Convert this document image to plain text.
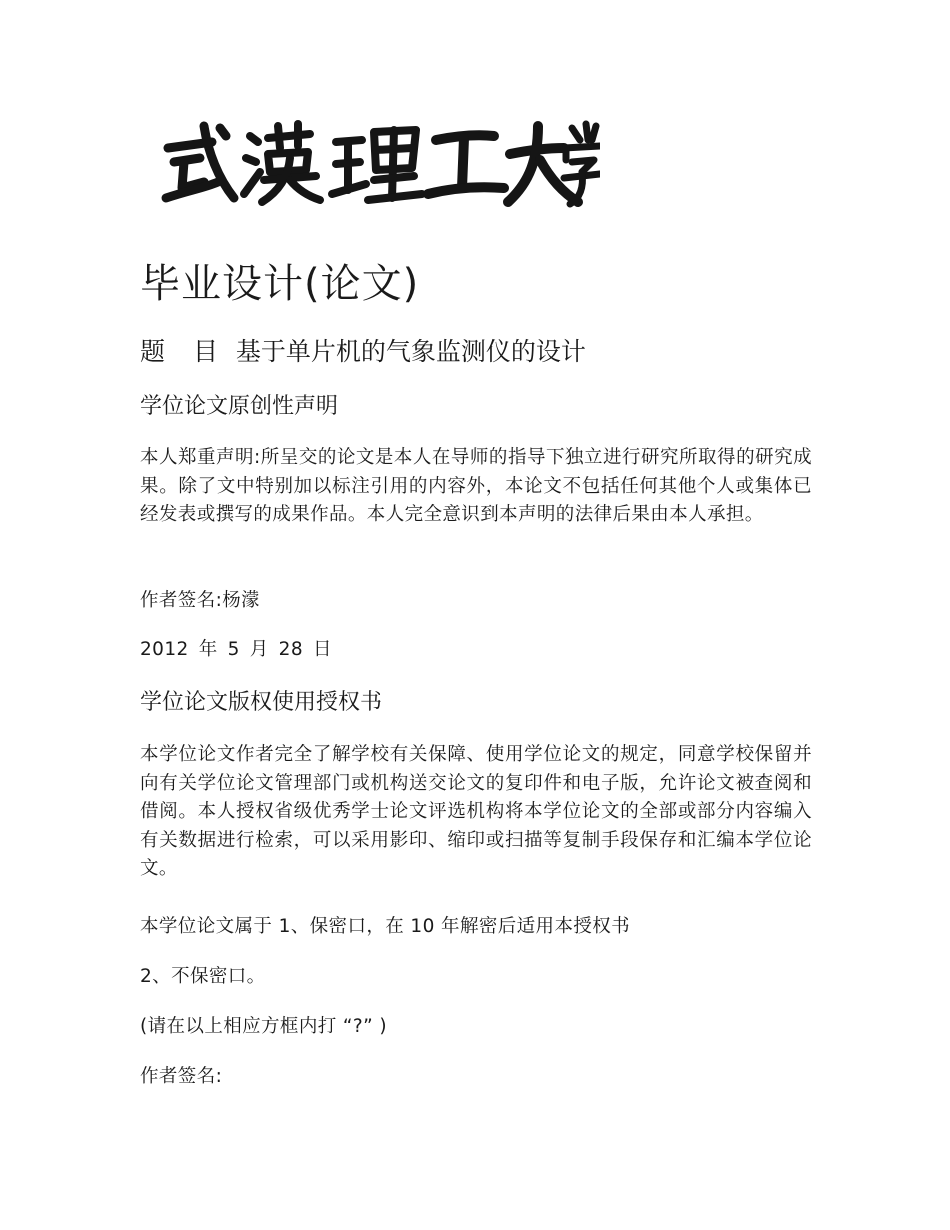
毕业设计(论文)
题 目 基于单片机的气象监测仪的设计
学位论文原创性声明

本人郑重声明:所呈交的论文是本人在导师的指导下独立进行研究所取得的研究成果。除了文中特别加以标注引用的内容外，本论文不包括任何其他个人或集体已经发表或撰写的成果作品。本人完全意识到本声明的法律后果由本人承担。

作者签名:杨濛

2012 年 5 月 28 日

学位论文版权使用授权书

本学位论文作者完全了解学校有关保障、使用学位论文的规定，同意学校保留并向有关学位论文管理部门或机构送交论文的复印件和电子版，允许论文被查阅和借阅。本人授权省级优秀学士论文评选机构将本学位论文的全部或部分内容编入有关数据进行检索，可以采用影印、缩印或扫描等复制手段保存和汇编本学位论文。

本学位论文属于 1、保密口，在 10 年解密后适用本授权书

2、不保密口。

(请在以上相应方框内打 “?” )

作者签名:
